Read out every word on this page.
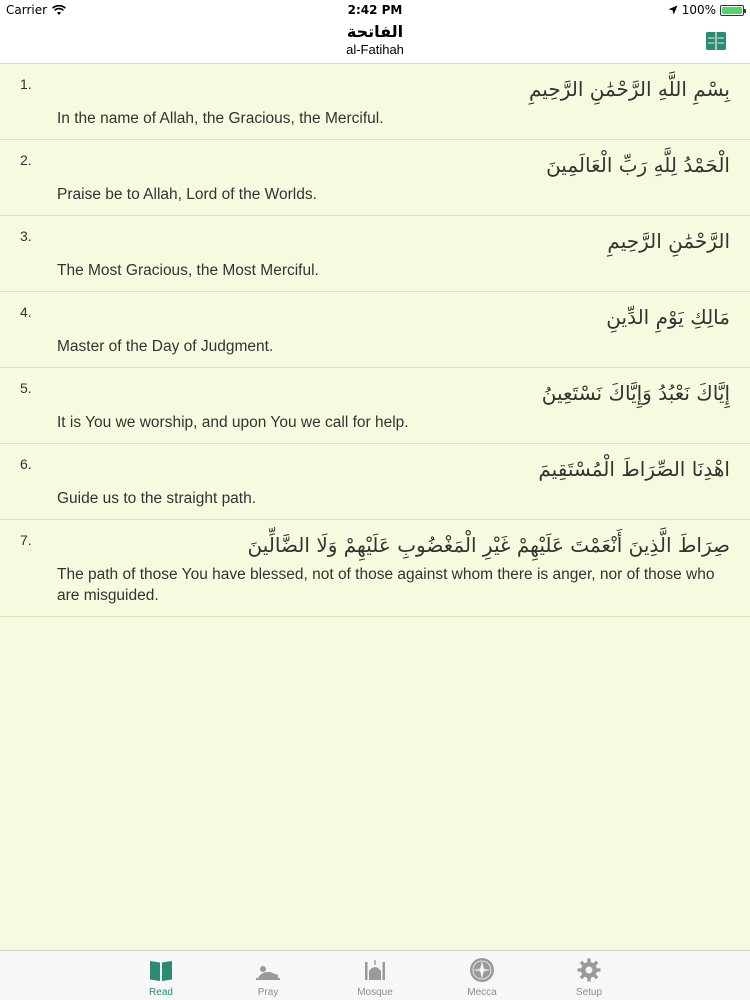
Carrier	2:42 PM	100%
الفاتحة
al-Fatihah
1.	بِسْمِ اللَّهِ الرَّحْمَٰنِ الرَّحِيمِ
In the name of Allah, the Gracious, the Merciful.
2.	الْحَمْدُ لِلَّهِ رَبِّ الْعَالَمِينَ
Praise be to Allah, Lord of the Worlds.
3.	الرَّحْمَٰنِ الرَّحِيمِ
The Most Gracious, the Most Merciful.
4.	مَالِكِ يَوْمِ الدِّينِ
Master of the Day of Judgment.
5.	إِيَّاكَ نَعْبُدُ وَإِيَّاكَ نَسْتَعِينُ
It is You we worship, and upon You we call for help.
6.	اهْدِنَا الصِّرَاطَ الْمُسْتَقِيمَ
Guide us to the straight path.
7.	صِرَاطَ الَّذِينَ أَنْعَمْتَ عَلَيْهِمْ غَيْرِ الْمَغْضُوبِ عَلَيْهِمْ وَلَا الضَّالِّينَ
The path of those You have blessed, not of those against whom there is anger, nor of those who are misguided.
Read	Pray	Mosque	Mecca	Setup
